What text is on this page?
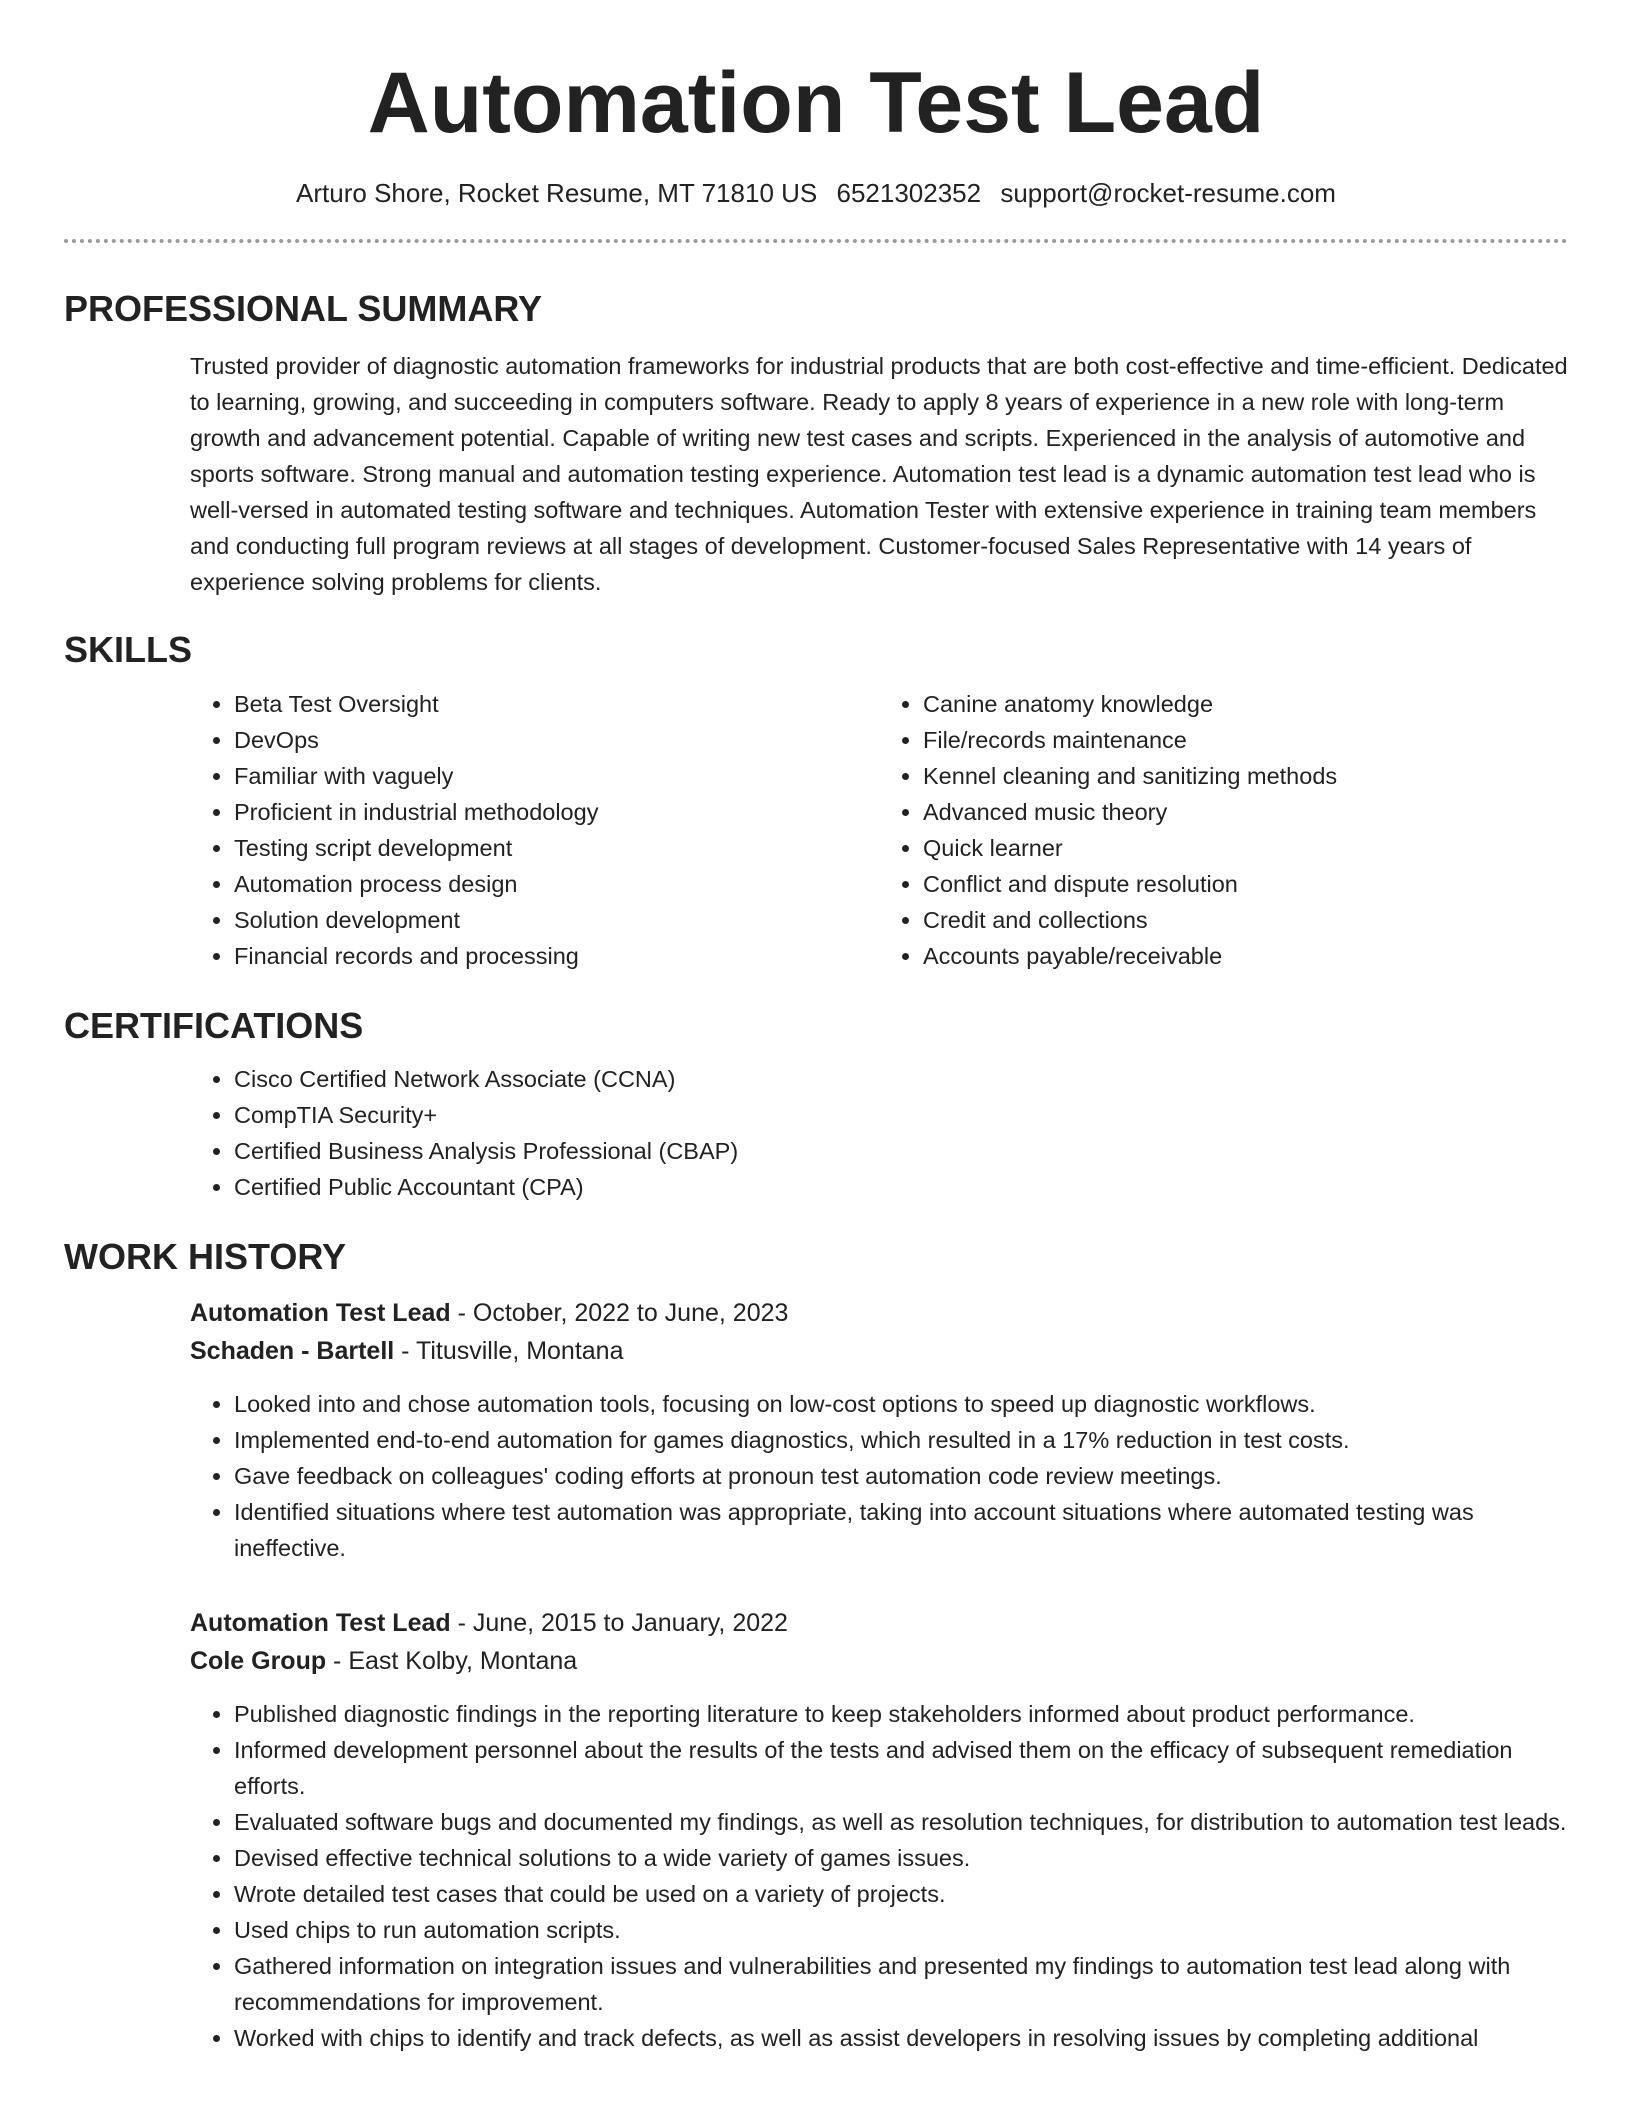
Automation Test Lead
Arturo Shore, Rocket Resume, MT 71810 US 6521302352 support@rocket-resume.com
PROFESSIONAL SUMMARY

Trusted provider of diagnostic automation frameworks for industrial products that are both cost-effective and time-efficient. Dedicated to learning, growing, and succeeding in computers software. Ready to apply 8 years of experience in a new role with long-term growth and advancement potential. Capable of writing new test cases and scripts. Experienced in the analysis of automotive and sports software. Strong manual and automation testing experience. Automation test lead is a dynamic automation test lead who is well-versed in automated testing software and techniques. Automation Tester with extensive experience in training team members and conducting full program reviews at all stages of development. Customer-focused Sales Representative with 14 years of experience solving problems for clients.

SKILLS
• Beta Test Oversight
• DevOps
• Familiar with vaguely
• Proficient in industrial methodology
• Testing script development
• Automation process design
• Solution development
• Financial records and processing
• Canine anatomy knowledge
• File/records maintenance
• Kennel cleaning and sanitizing methods
• Advanced music theory
• Quick learner
• Conflict and dispute resolution
• Credit and collections
• Accounts payable/receivable
CERTIFICATIONS
• Cisco Certified Network Associate (CCNA)
• CompTIA Security+
• Certified Business Analysis Professional (CBAP)
• Certified Public Accountant (CPA)
WORK HISTORY
Automation Test Lead - October, 2022 to June, 2023
Schaden - Bartell - Titusville, Montana
• Looked into and chose automation tools, focusing on low-cost options to speed up diagnostic workflows.
• Implemented end-to-end automation for games diagnostics, which resulted in a 17% reduction in test costs.
• Gave feedback on colleagues' coding efforts at pronoun test automation code review meetings.
• Identified situations where test automation was appropriate, taking into account situations where automated testing was ineffective.
Automation Test Lead - June, 2015 to January, 2022
Cole Group - East Kolby, Montana
• Published diagnostic findings in the reporting literature to keep stakeholders informed about product performance.
• Informed development personnel about the results of the tests and advised them on the efficacy of subsequent remediation efforts.
• Evaluated software bugs and documented my findings, as well as resolution techniques, for distribution to automation test leads.
• Devised effective technical solutions to a wide variety of games issues.
• Wrote detailed test cases that could be used on a variety of projects.
• Used chips to run automation scripts.
• Gathered information on integration issues and vulnerabilities and presented my findings to automation test lead along with recommendations for improvement.
• Worked with chips to identify and track defects, as well as assist developers in resolving issues by completing additional
